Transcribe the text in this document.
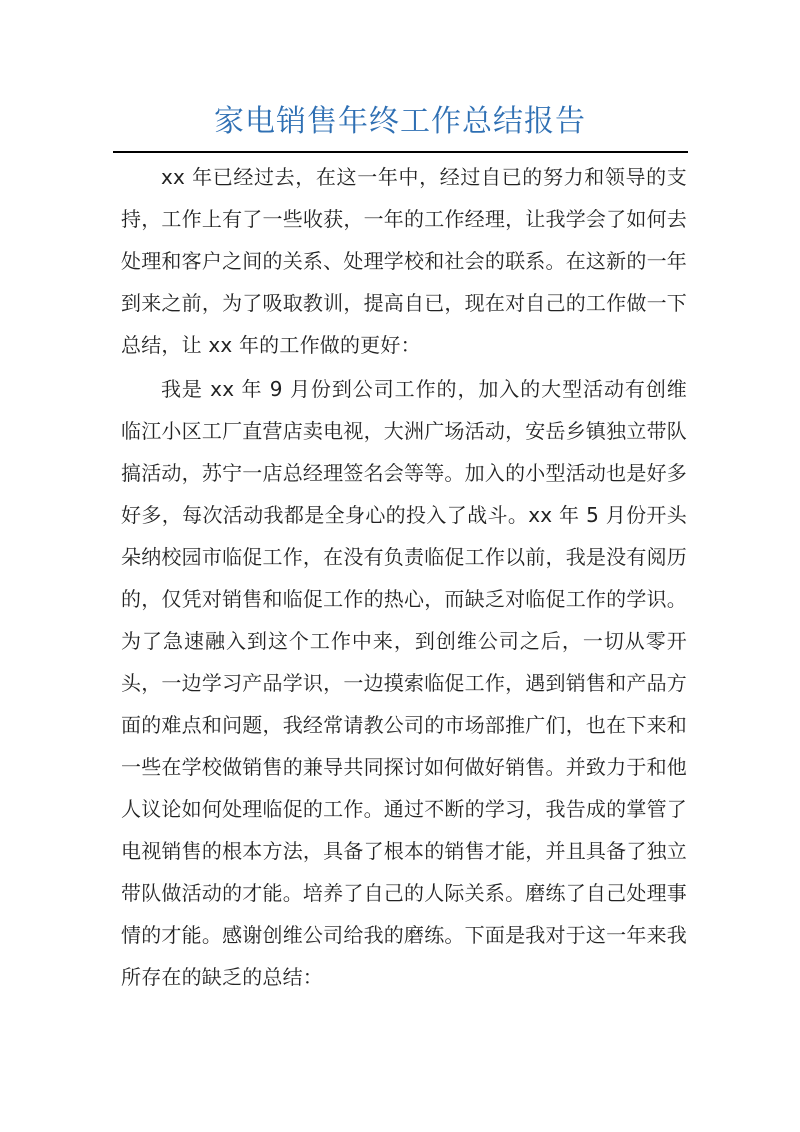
家电销售年终工作总结报告

xx 年已经过去，在这一年中，经过自已的努力和领导的支持，工作上有了一些收获，一年的工作经理，让我学会了如何去处理和客户之间的关系、处理学校和社会的联系。在这新的一年到来之前，为了吸取教训，提高自已，现在对自己的工作做一下总结，让 xx 年的工作做的更好：

我是 xx 年 9 月份到公司工作的，加入的大型活动有创维临江小区工厂直营店卖电视，大洲广场活动，安岳乡镇独立带队搞活动，苏宁一店总经理签名会等等。加入的小型活动也是好多好多，每次活动我都是全身心的投入了战斗。xx 年 5 月份开头朵纳校园市临促工作，在没有负责临促工作以前，我是没有阅历的，仅凭对销售和临促工作的热心，而缺乏对临促工作的学识。为了急速融入到这个工作中来，到创维公司之后，一切从零开头，一边学习产品学识，一边摸索临促工作，遇到销售和产品方面的难点和问题，我经常请教公司的市场部推广们，也在下来和一些在学校做销售的兼导共同探讨如何做好销售。并致力于和他人议论如何处理临促的工作。通过不断的学习，我告成的掌管了电视销售的根本方法，具备了根本的销售才能，并且具备了独立带队做活动的才能。培养了自己的人际关系。磨练了自己处理事情的才能。感谢创维公司给我的磨练。下面是我对于这一年来我所存在的缺乏的总结：
